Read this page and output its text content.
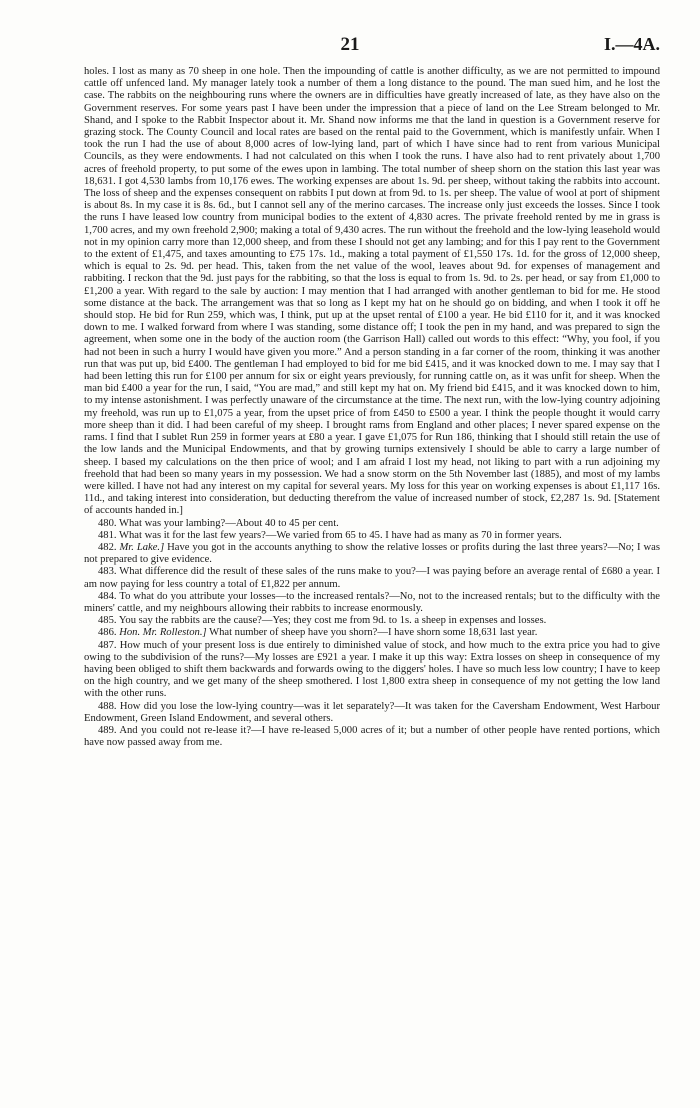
21	I.—4A.

holes. I lost as many as 70 sheep in one hole. Then the impounding of cattle is another difficulty, as we are not permitted to impound cattle off unfenced land. My manager lately took a number of them a long distance to the pound. The man sued him, and he lost the case. The rabbits on the neighbouring runs where the owners are in difficulties have greatly increased of late, as they have also on the Government reserves. For some years past I have been under the impression that a piece of land on the Lee Stream belonged to Mr. Shand, and I spoke to the Rabbit Inspector about it. Mr. Shand now informs me that the land in question is a Government reserve for grazing stock. The County Council and local rates are based on the rental paid to the Government, which is manifestly unfair. When I took the run I had the use of about 8,000 acres of low-lying land, part of which I have since had to rent from various Municipal Councils, as they were endowments. I had not calculated on this when I took the runs. I have also had to rent privately about 1,700 acres of freehold property, to put some of the ewes upon in lambing. The total number of sheep shorn on the station this last year was 18,631. I got 4,530 lambs from 10,176 ewes. The working expenses are about 1s. 9d. per sheep, without taking the rabbits into account. The loss of sheep and the expenses consequent on rabbits I put down at from 9d. to 1s. per sheep. The value of wool at port of shipment is about 8s. In my case it is 8s. 6d., but I cannot sell any of the merino carcases. The increase only just exceeds the losses. Since I took the runs I have leased low country from municipal bodies to the extent of 4,830 acres. The private freehold rented by me in grass is 1,700 acres, and my own freehold 2,900; making a total of 9,430 acres. The run without the freehold and the low-lying leasehold would not in my opinion carry more than 12,000 sheep, and from these I should not get any lambing; and for this I pay rent to the Government to the extent of £1,475, and taxes amounting to £75 17s. 1d., making a total payment of £1,550 17s. 1d. for the gross of 12,000 sheep, which is equal to 2s. 9d. per head. This, taken from the net value of the wool, leaves about 9d. for expenses of management and rabbiting. I reckon that the 9d. just pays for the rabbiting, so that the loss is equal to from 1s. 9d. to 2s. per head, or say from £1,000 to £1,200 a year. With regard to the sale by auction: I may mention that I had arranged with another gentleman to bid for me. He stood some distance at the back. The arrangement was that so long as I kept my hat on he should go on bidding, and when I took it off he should stop. He bid for Run 259, which was, I think, put up at the upset rental of £100 a year. He bid £110 for it, and it was knocked down to me. I walked forward from where I was standing, some distance off; I took the pen in my hand, and was prepared to sign the agreement, when some one in the body of the auction room (the Garrison Hall) called out words to this effect: “Why, you fool, if you had not been in such a hurry I would have given you more.” And a person standing in a far corner of the room, thinking it was another run that was put up, bid £400. The gentleman I had employed to bid for me bid £415, and it was knocked down to me. I may say that I had been letting this run for £100 per annum for six or eight years previously, for running cattle on, as it was unfit for sheep. When the man bid £400 a year for the run, I said, “You are mad,” and still kept my hat on. My friend bid £415, and it was knocked down to him, to my intense astonishment. I was perfectly unaware of the circumstance at the time. The next run, with the low-lying country adjoining my freehold, was run up to £1,075 a year, from the upset price of from £450 to £500 a year. I think the people thought it would carry more sheep than it did. I had been careful of my sheep. I brought rams from England and other places; I never spared expense on the rams. I find that I sublet Run 259 in former years at £80 a year. I gave £1,075 for Run 186, thinking that I should still retain the use of the low lands and the Municipal Endowments, and that by growing turnips extensively I should be able to carry a large number of sheep. I based my calculations on the then price of wool; and I am afraid I lost my head, not liking to part with a run adjoining my freehold that had been so many years in my possession. We had a snow storm on the 5th November last (1885), and most of my lambs were killed. I have not had any interest on my capital for several years. My loss for this year on working expenses is about £1,117 16s. 11d., and taking interest into consideration, but deducting therefrom the value of increased number of stock, £2,287 1s. 9d. [Statement of accounts handed in.]

480. What was your lambing?—About 40 to 45 per cent.

481. What was it for the last few years?—We varied from 65 to 45. I have had as many as 70 in former years.

482. Mr. Lake.] Have you got in the accounts anything to show the relative losses or profits during the last three years?—No; I was not prepared to give evidence.

483. What difference did the result of these sales of the runs make to you?—I was paying before an average rental of £680 a year. I am now paying for less country a total of £1,822 per annum.

484. To what do you attribute your losses—to the increased rentals?—No, not to the increased rentals; but to the difficulty with the miners' cattle, and my neighbours allowing their rabbits to increase enormously.

485. You say the rabbits are the cause?—Yes; they cost me from 9d. to 1s. a sheep in expenses and losses.

486. Hon. Mr. Rolleston.] What number of sheep have you shorn?—I have shorn some 18,631 last year.

487. How much of your present loss is due entirely to diminished value of stock, and how much to the extra price you had to give owing to the subdivision of the runs?—My losses are £921 a year. I make it up this way: Extra losses on sheep in consequence of my having been obliged to shift them backwards and forwards owing to the diggers' holes. I have so much less low country; I have to keep on the high country, and we get many of the sheep smothered. I lost 1,800 extra sheep in consequence of my not getting the low land with the other runs.

488. How did you lose the low-lying country—was it let separately?—It was taken for the Caversham Endowment, West Harbour Endowment, Green Island Endowment, and several others.

489. And you could not re-lease it?—I have re-leased 5,000 acres of it; but a number of other people have rented portions, which have now passed away from me.
